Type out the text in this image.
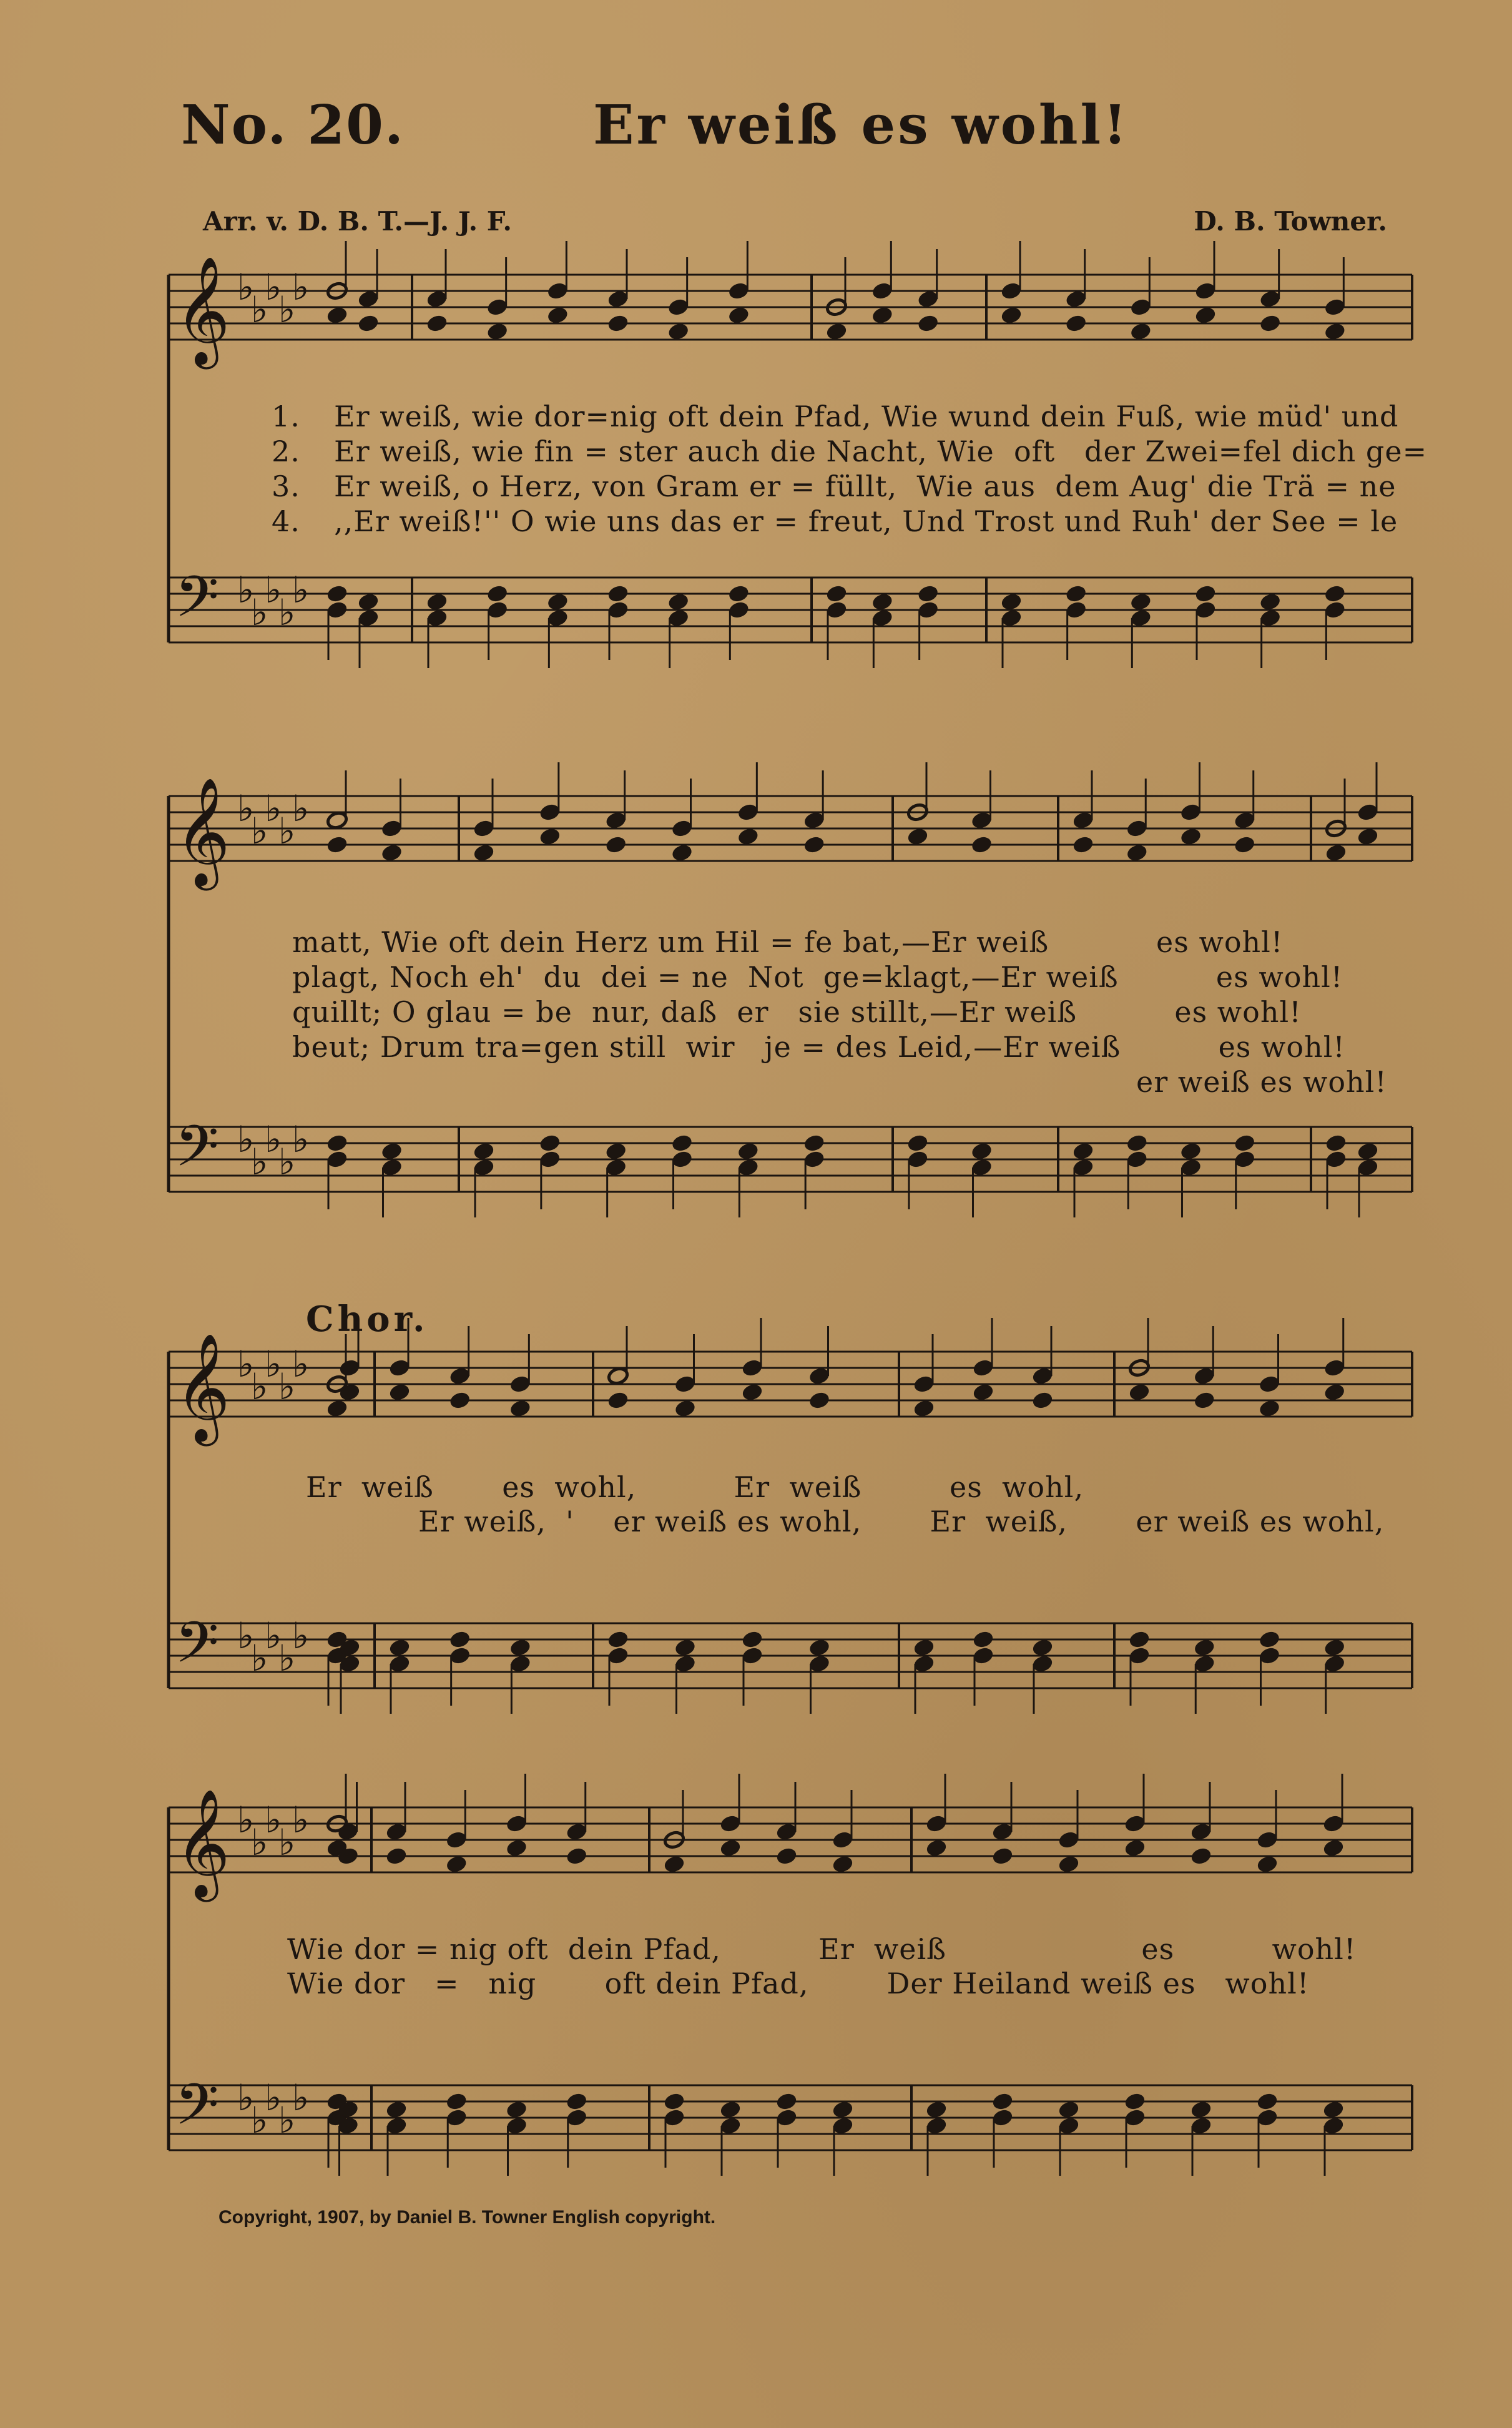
No. 20.	Er weiß es wohl!
Arr. v. D. B. T.—J. J. F.	D. B. Towner.
𝄞
𝄢
♭
♭
♭
♭
♭
♭
♭
♭
♭
♭
𝄞
𝄢
♭
♭
♭
♭
♭
♭
♭
♭
♭
♭
𝄞
𝄢
♭
♭
♭
♭
♭
♭
♭
♭
♭
♭
𝄞
𝄢
♭
♭
♭
♭
♭
♭
♭
♭
♭
♭
1. Er weiß, wie dor=nig oft dein Pfad, Wie wund dein Fuß, wie müd' und
2. Er weiß, wie fin = ster auch die Nacht, Wie  oft   der Zwei=fel dich ge=
3. Er weiß, o Herz, von Gram er = füllt,  Wie aus  dem Aug' die Trä = ne
4. ,,Er weiß!'' O wie uns das er = freut, Und Trost und Ruh' der See = le
matt, Wie oft dein Herz um Hil = fe bat,—Er weiß           es wohl!
plagt, Noch eh'  du  dei = ne  Not  ge=klagt,—Er weiß          es wohl!
quillt; O glau = be  nur, daß  er   sie stillt,—Er weiß          es wohl!
beut; Drum tra=gen still  wir   je = des Leid,—Er weiß          es wohl!
er weiß es wohl!
Chor.
Er  weiß       es  wohl,          Er  weiß         es  wohl,
Er weiß,  '    er weiß es wohl,       Er  weiß,       er weiß es wohl,
Wie dor = nig oft  dein Pfad,          Er  weiß                    es          wohl!
Wie dor   =   nig       oft dein Pfad,        Der Heiland weiß es   wohl!
Copyright, 1907, by Daniel B. Towner English copyright.
